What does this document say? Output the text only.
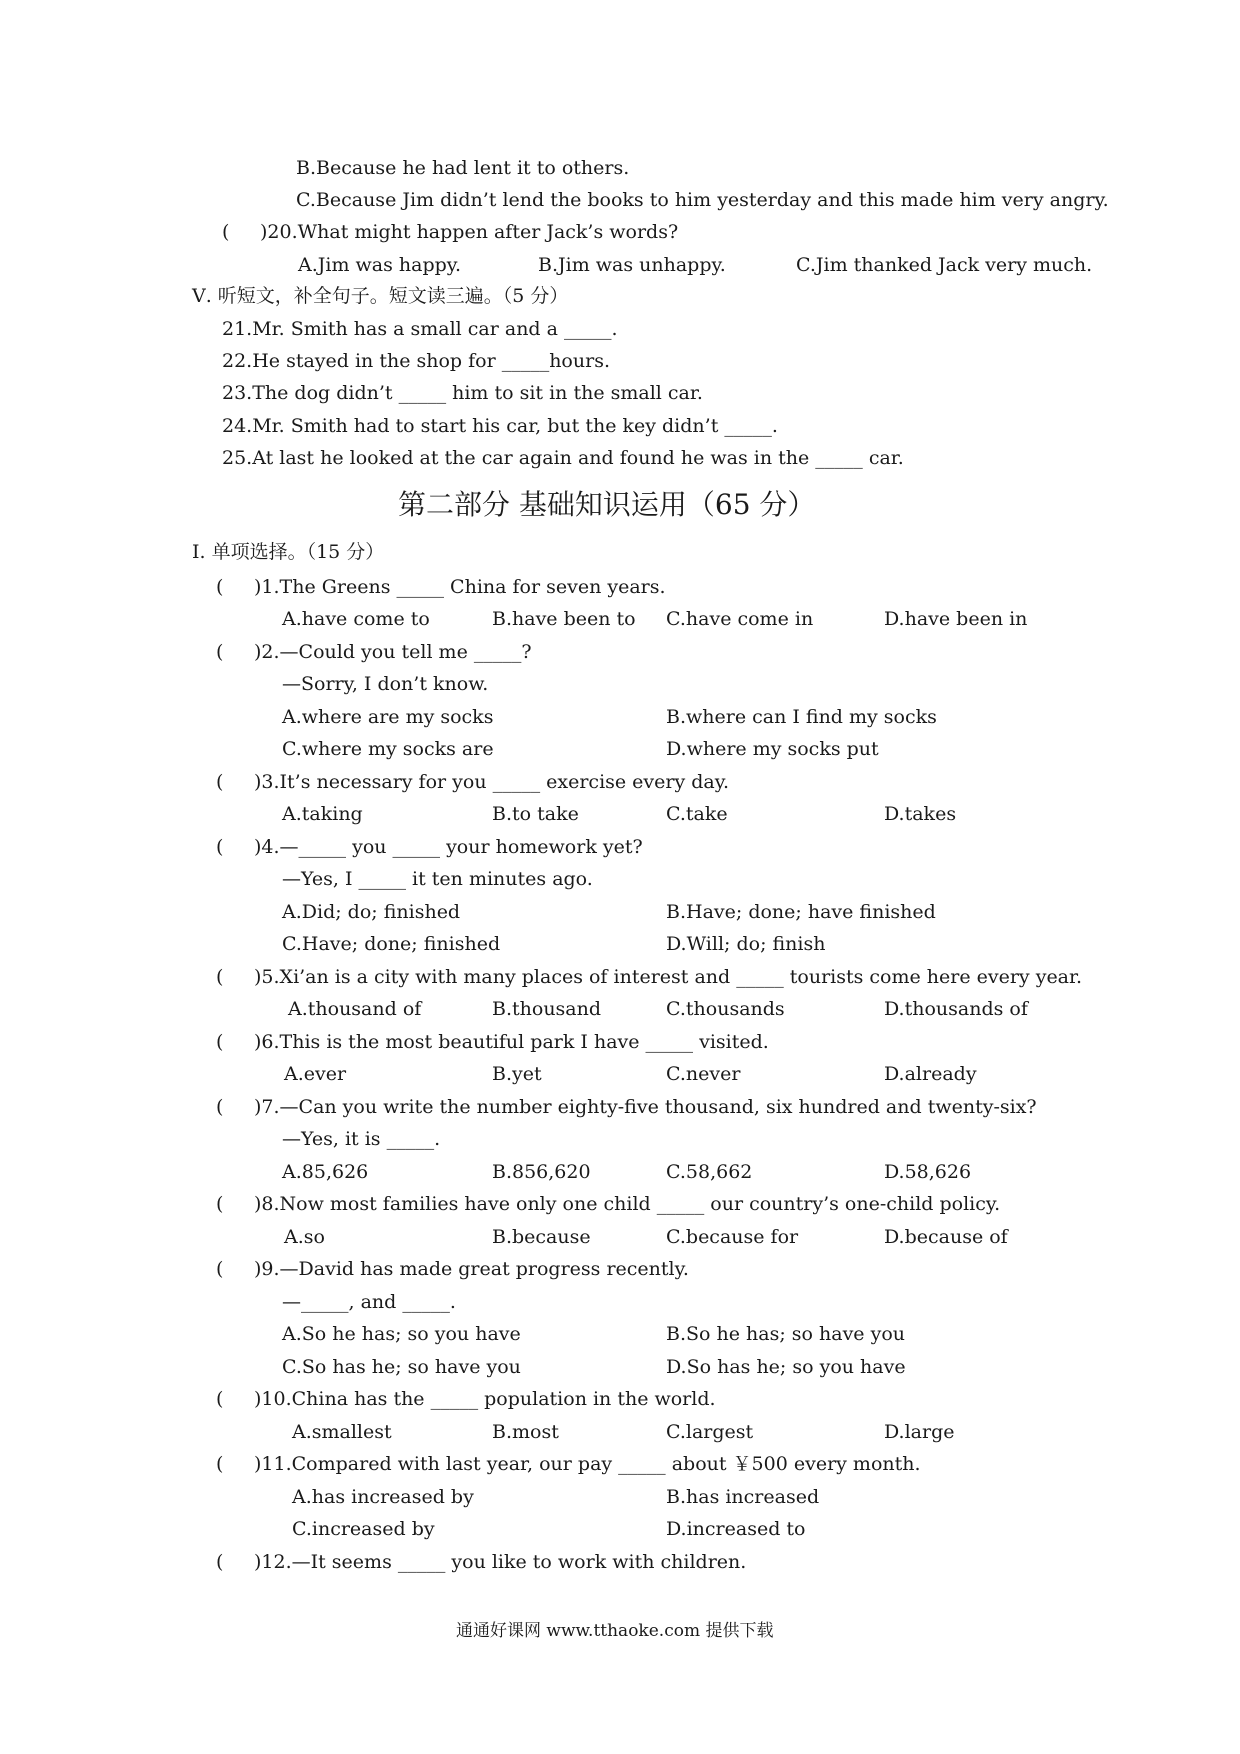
B.Because he had lent it to others.
C.Because Jim didn’t lend the books to him yesterday and this made him very angry.
( )20.What might happen after Jack’s words?
A.Jim was happy.	B.Jim was unhappy.	C.Jim thanked Jack very much.
Ⅴ. 听短文，补全句子。短文读三遍。（5 分）
21.Mr. Smith has a small car and a _____.
22.He stayed in the shop for _____hours.
23.The dog didn’t _____ him to sit in the small car.
24.Mr. Smith had to start his car, but the key didn’t _____.
25.At last he looked at the car again and found he was in the _____ car.
第二部分 基础知识运用（65 分）
Ⅰ. 单项选择。（15 分）
( )1.The Greens _____ China for seven years.
A.have come to	B.have been to C.have come in	D.have been in
( )2.—Could you tell me _____?
—Sorry, I don’t know.
A.where are my socks	B.where can I find my socks
C.where my socks are	D.where my socks put
( )3.It’s necessary for you _____ exercise every day.
A.taking	B.to take	C.take	D.takes
( )4.—_____ you _____ your homework yet?
—Yes, I _____ it ten minutes ago.
A.Did; do; finished	B.Have; done; have finished
C.Have; done; finished	D.Will; do; finish
( )5.Xi’an is a city with many places of interest and _____ tourists come here every year.
A.thousand of	B.thousand	C.thousands	D.thousands of
( )6.This is the most beautiful park I have _____ visited.
A.ever	B.yet	C.never	D.already
( )7.—Can you write the number eighty-five thousand, six hundred and twenty-six?
—Yes, it is _____.
A.85,626	B.856,620	C.58,662	D.58,626
( )8.Now most families have only one child _____ our country’s one-child policy.
A.so	B.because	C.because for	D.because of
( )9.—David has made great progress recently.
—_____, and _____.
A.So he has; so you have	B.So he has; so have you
C.So has he; so have you	D.So has he; so you have
( )10.China has the _____ population in the world.
A.smallest	B.most	C.largest	D.large
( )11.Compared with last year, our pay _____ about ￥500 every month.
A.has increased by	B.has increased
C.increased by	D.increased to
( )12.—It seems _____ you like to work with children.
通通好课网 www.tthaoke.com 提供下载
